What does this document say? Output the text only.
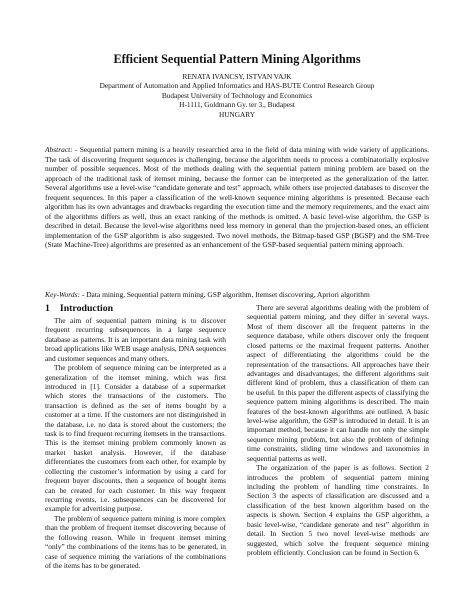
Efficient Sequential Pattern Mining Algorithms
RENATA IVANCSY, ISTVAN VAJK
Department of Automation and Applied Informatics and HAS-BUTE Control Research Group
Budapest University of Technology and Economics
H-1111, Goldmann Gy. ter 3., Budapest
HUNGARY

Abstract: - Sequential pattern mining is a heavily researched area in the field of data mining with wide variety of applications. The task of discovering frequent sequences is challenging, because the algorithm needs to process a combinatorially explosive number of possible sequences. Most of the methods dealing with the sequential pattern mining problem are based on the approach of the traditional task of itemset mining, because the former can be interpreted as the generalization of the latter. Several algorithms use a level-wise “candidate generate and test” approach, while others use projected databases to discover the frequent sequences. In this paper a classification of the well-known sequence mining algorithms is presented. Because each algorithm has its own advantages and drawbacks regarding the execution time and the memory requirements, and the exact aim of the algorithms differs as well, thus an exact ranking of the methods is omitted. A basic level-wise algorithm, the GSP is described in detail. Because the level-wise algorithms need less memory in general than the projection-based ones, an efficient implementation of the GSP algorithm is also suggested. Two novel methods, the Bitmap-based GSP (BGSP) and the SM-Tree (State Machine-Tree) algorithms are presented as an enhancement of the GSP-based sequential pattern mining approach.

Key-Words: - Data mining, Sequential pattern mining, GSP algorithm, Itemset discovering, Apriori algorithm

1 Introduction

The aim of sequential pattern mining is to discover frequent recurring subsequences in a large sequence database as patterns. It is an important data mining task with broad applications like WEB usage analysis, DNA sequences and customer sequences and many others.

The problem of sequence mining can be interpreted as a generalization of the itemset mining, which was first introduced in [1]. Consider a database of a supermarket which stores the transactions of the customers. The transaction is defined as the set of items bought by a customer at a time. If the customers are not distinguished in the database, i.e. no data is stored about the customers; the task is to find frequent recurring itemsets in the transactions. This is the itemset mining problem commonly known as market basket analysis. However, if the database differentiates the customers from each other, for example by collecting the customer’s information by using a card for frequent buyer discounts, then a sequence of bought items can be created for each customer. In this way frequent recurring events, i.e. subsequences can be discovered for example for advertising purpose.

The problem of sequence pattern mining is more complex than the problem of frequent itemset discovering because of the following reason. While in frequent itemset mining “only” the combinations of the items has to be generated, in case of sequence mining the variations of the combinations of the items has to be generated.

There are several algorithms dealing with the problem of sequential pattern mining, and they differ in several ways. Most of them discover all the frequent patterns in the sequence database, while others discover only the frequent closed patterns or the maximal frequent patterns. Another aspect of differentiating the algorithms could be the representation of the transactions. All approaches have their advantages and disadvantages, the different algorithms suit different kind of problem, thus a classification of them can be useful. In this paper the different aspects of classifying the sequence pattern mining algorithms is described. The main features of the best-known algorithms are outlined. A basic level-wise algorithm, the GSP is introduced in detail. It is an important method, because it can handle not only the simple sequence mining problem, but also the problem of defining time constraints, sliding time windows and taxonomies in sequential patterns as well.

The organization of the paper is as follows. Section 2 introduces the problem of sequential pattern mining including the problem of handling time constraints. In Section 3 the aspects of classification are discussed and a classification of the best known algorithm based on the aspects is shown. Section 4 explains the GSP algorithm, a basic level-wise, “candidate generate and test” algorithm in detail. In Section 5 two novel level-wise methods are suggested, which solve the frequent sequence mining problem efficiently. Conclusion can be found in Section 6.
